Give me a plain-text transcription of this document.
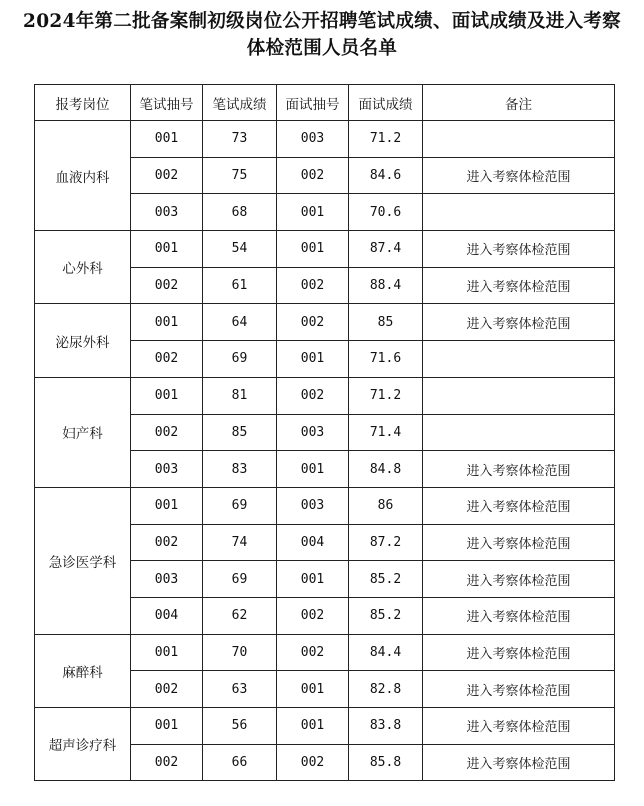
2024年第二批备案制初级岗位公开招聘笔试成绩、面试成绩及进入考察
体检范围人员名单
报考岗位	笔试抽号	笔试成绩	面试抽号	面试成绩	备注
血液内科	001	73	003	71.2	
	002	75	002	84.6	进入考察体检范围
	003	68	001	70.6	
心外科	001	54	001	87.4	进入考察体检范围
	002	61	002	88.4	进入考察体检范围
泌尿外科	001	64	002	85	进入考察体检范围
	002	69	001	71.6	
妇产科	001	81	002	71.2	
	002	85	003	71.4	
	003	83	001	84.8	进入考察体检范围
急诊医学科	001	69	003	86	进入考察体检范围
	002	74	004	87.2	进入考察体检范围
	003	69	001	85.2	进入考察体检范围
	004	62	002	85.2	进入考察体检范围
麻醉科	001	70	002	84.4	进入考察体检范围
	002	63	001	82.8	进入考察体检范围
超声诊疗科	001	56	001	83.8	进入考察体检范围
	002	66	002	85.8	进入考察体检范围
